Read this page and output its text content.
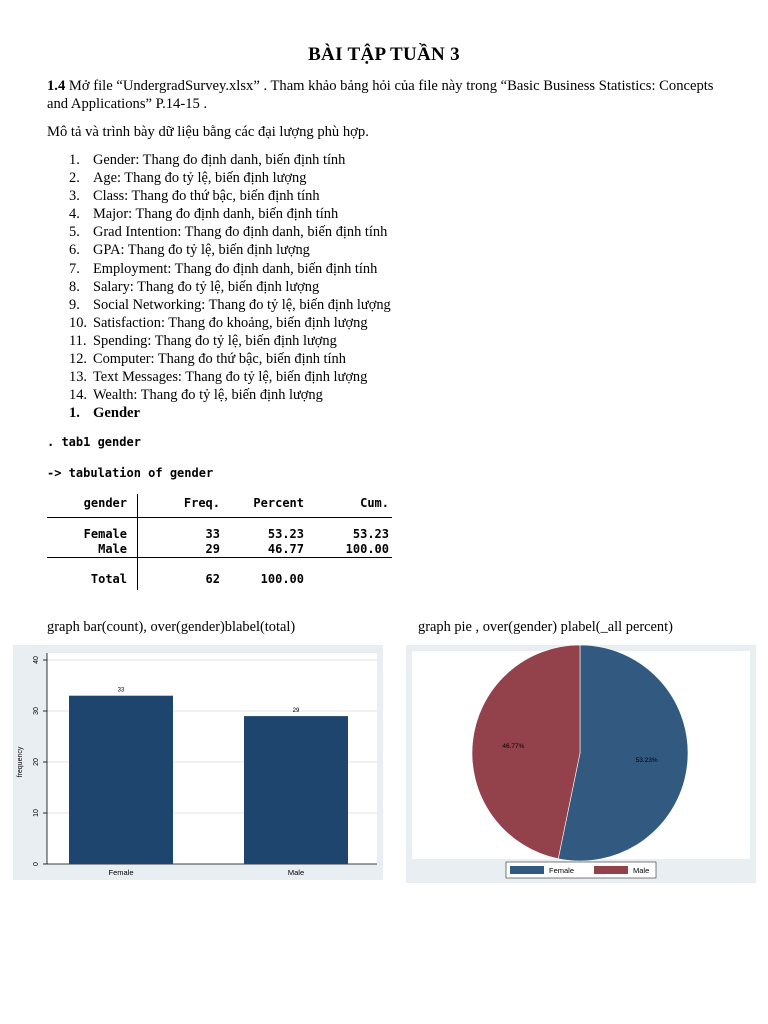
BÀI TẬP TUẦN 3
1.4 Mở file “UndergradSurvey.xlsx” . Tham khảo bảng hỏi của file này trong “Basic Business Statistics: Concepts and Applications” P.14-15 .
Mô tả và trình bày dữ liệu bằng các đại lượng phù hợp.
1. Gender: Thang đo định danh, biến định tính
2. Age: Thang đo tỷ lệ, biến định lượng
3. Class: Thang đo thứ bậc, biến định tính
4. Major: Thang đo định danh, biến định tính
5. Grad Intention: Thang đo định danh, biến định tính
6. GPA: Thang đo tỷ lệ, biến định lượng
7. Employment: Thang đo định danh, biến định tính
8. Salary: Thang đo tỷ lệ, biến định lượng
9. Social Networking: Thang đo tỷ lệ, biến định lượng
10. Satisfaction: Thang đo khoảng, biến định lượng
11. Spending: Thang đo tỷ lệ, biến định lượng
12. Computer: Thang đo thứ bậc, biến định tính
13. Text Messages: Thang đo tỷ lệ, biến định lượng
14. Wealth: Thang đo tỷ lệ, biến định lượng
1. Gender
. tab1 gender
-> tabulation of gender
gender	Freq.	Percent	Cum.
Female	33	53.23	53.23
Male	29	46.77	100.00
Total	62	100.00
graph bar(count), over(gender)blabel(total)	graph pie , over(gender) plabel(_all percent)
0
10
20
30
40
frequency
33
Female
29
Male
53.23%
46.77%
Female	Male
